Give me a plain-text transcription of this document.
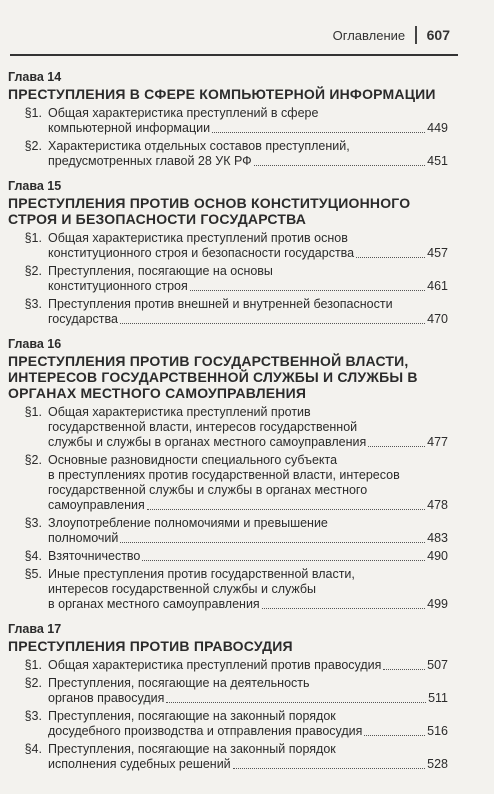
Оглавление 607
Глава 14
ПРЕСТУПЛЕНИЯ В СФЕРЕ КОМПЬЮТЕРНОЙ ИНФОРМАЦИИ
§1. Общая характеристика преступлений в сфере
компьютерной информации	449
§2. Характеристика отдельных составов преступлений,
предусмотренных главой 28 УК РФ	451
Глава 15
ПРЕСТУПЛЕНИЯ ПРОТИВ ОСНОВ КОНСТИТУЦИОННОГО СТРОЯ И БЕЗОПАСНОСТИ ГОСУДАРСТВА
§1. Общая характеристика преступлений против основ
конституционного строя и безопасности государства	457
§2. Преступления, посягающие на основы
конституционного строя	461
§3. Преступления против внешней и внутренней безопасности
государства	470
Глава 16
ПРЕСТУПЛЕНИЯ ПРОТИВ ГОСУДАРСТВЕННОЙ ВЛАСТИ, ИНТЕРЕСОВ ГОСУДАРСТВЕННОЙ СЛУЖБЫ И СЛУЖБЫ В ОРГАНАХ МЕСТНОГО САМОУПРАВЛЕНИЯ
§1. Общая характеристика преступлений против
государственной власти, интересов государственной
службы и службы в органах местного самоуправления	477
§2. Основные разновидности специального субъекта
в преступлениях против государственной власти, интересов
государственной службы и службы в органах местного
самоуправления	478
§3. Злоупотребление полномочиями и превышение
полномочий	483
§4. Взяточничество	490
§5. Иные преступления против государственной власти,
интересов государственной службы и службы
в органах местного самоуправления	499
Глава 17
ПРЕСТУПЛЕНИЯ ПРОТИВ ПРАВОСУДИЯ
§1. Общая характеристика преступлений против правосудия	507
§2. Преступления, посягающие на деятельность
органов правосудия	511
§3. Преступления, посягающие на законный порядок
досудебного производства и отправления правосудия	516
§4. Преступления, посягающие на законный порядок
исполнения судебных решений	528
